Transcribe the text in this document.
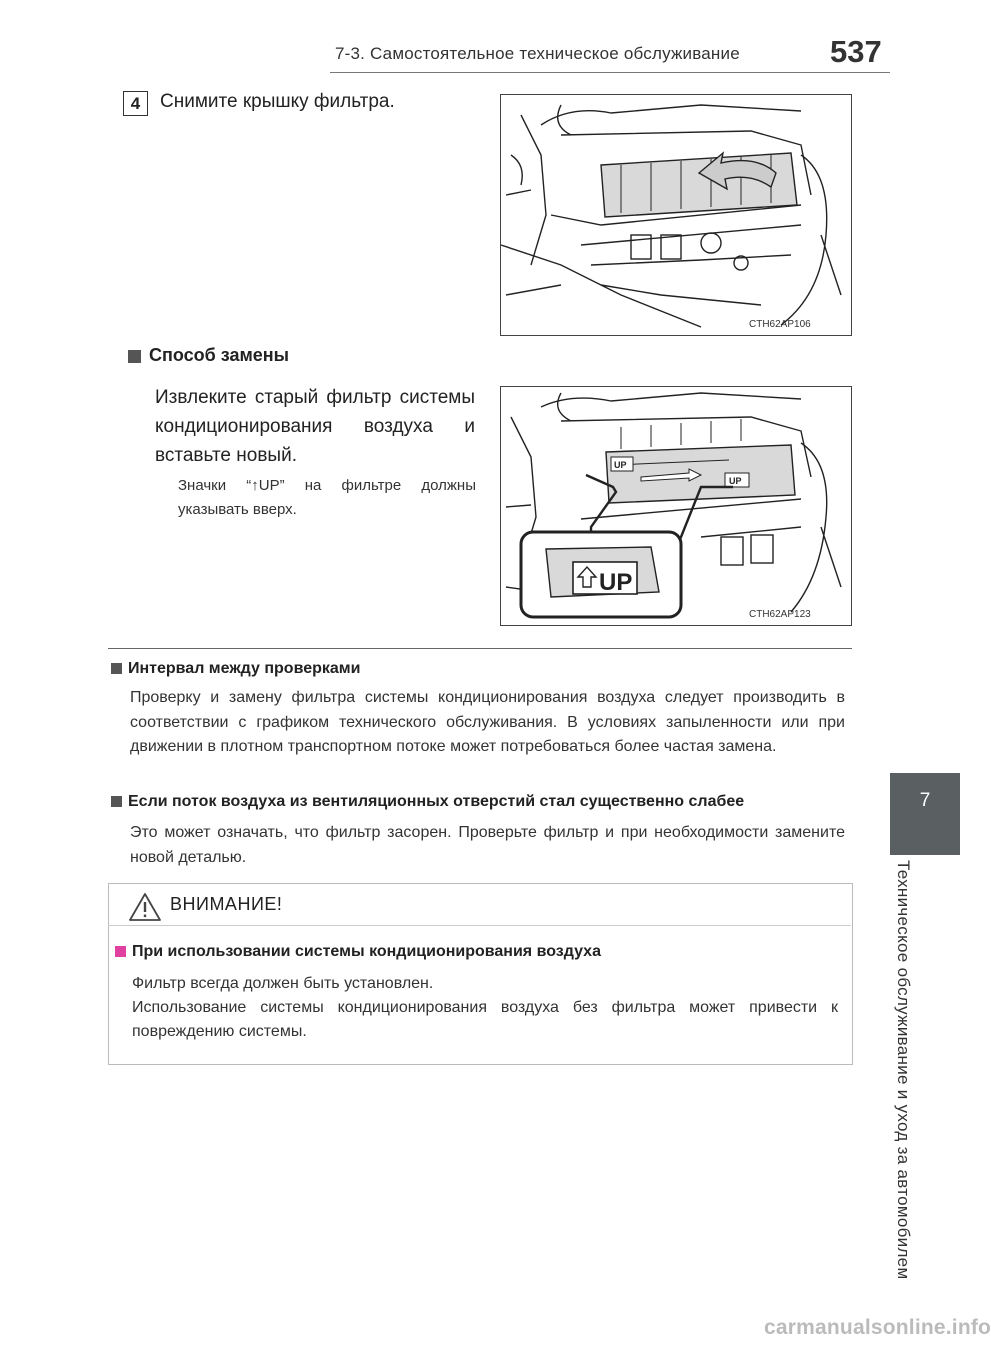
7-3. Самостоятельное техническое обслуживание	537
7
Техническое обслуживание и уход за автомобилем
4	Снимите крышку фильтра.
CTH62AP106
Способ замены
Извлеките старый фильтр системы кондиционирования воздуха и вставьте новый.
Значки “↑UP” на фильтре должны указывать вверх.
UP
UP
UP
CTH62AP123
Интервал между проверками
Проверку и замену фильтра системы кондиционирования воздуха следует производить в соответствии с графиком технического обслуживания. В условиях запыленности или при движении в плотном транспортном потоке может потребоваться более частая замена.
Если поток воздуха из вентиляционных отверстий стал существенно слабее
Это может означать, что фильтр засорен. Проверьте фильтр и при необходимости замените новой деталью.
ВНИМАНИЕ!
При использовании системы кондиционирования воздуха
Фильтр всегда должен быть установлен.
Использование системы кондиционирования воздуха без фильтра может привести к повреждению системы.
carmanualsonline.info
